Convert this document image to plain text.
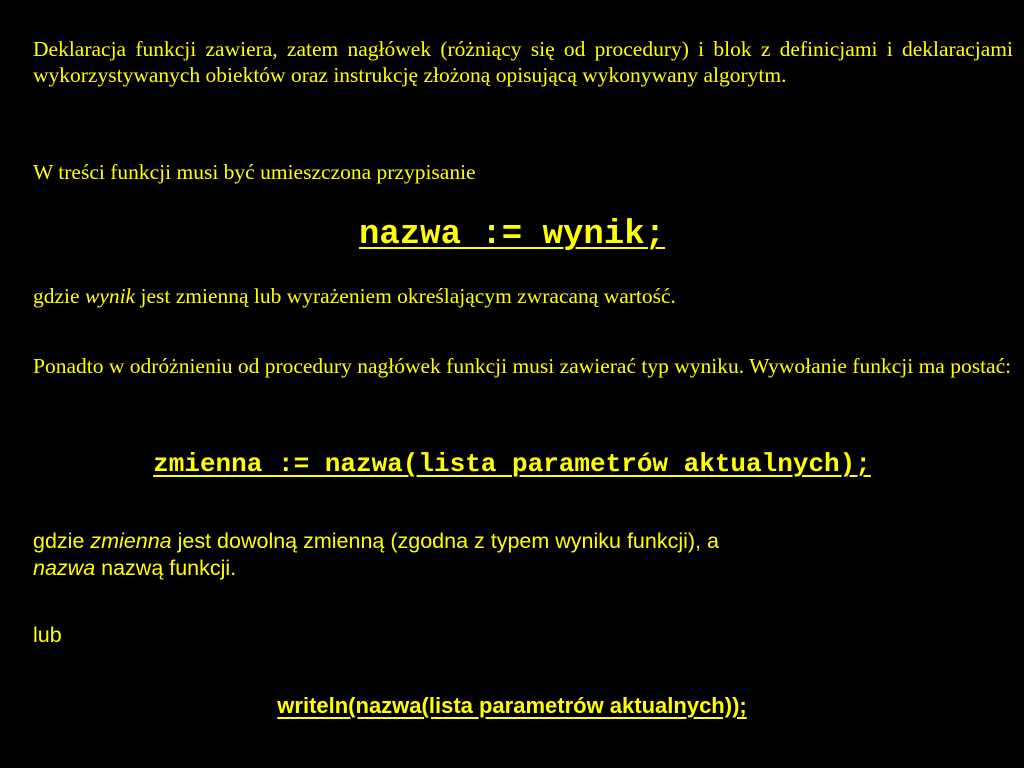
Deklaracja funkcji zawiera, zatem nagłówek (różniący się od procedury) i blok z definicjami i deklaracjami wykorzystywanych obiektów oraz instrukcję złożoną opisującą wykonywany algorytm.

W treści funkcji musi być umieszczona przypisanie

nazwa := wynik;

gdzie wynik jest zmienną lub wyrażeniem określającym zwracaną wartość.

Ponadto w odróżnieniu od procedury nagłówek funkcji musi zawierać typ wyniku. Wywołanie funkcji ma postać:

zmienna := nazwa(lista parametrów aktualnych);

gdzie zmienna jest dowolną zmienną (zgodna z typem wyniku funkcji), a
nazwa nazwą funkcji.

lub

writeln(nazwa(lista parametrów aktualnych));
